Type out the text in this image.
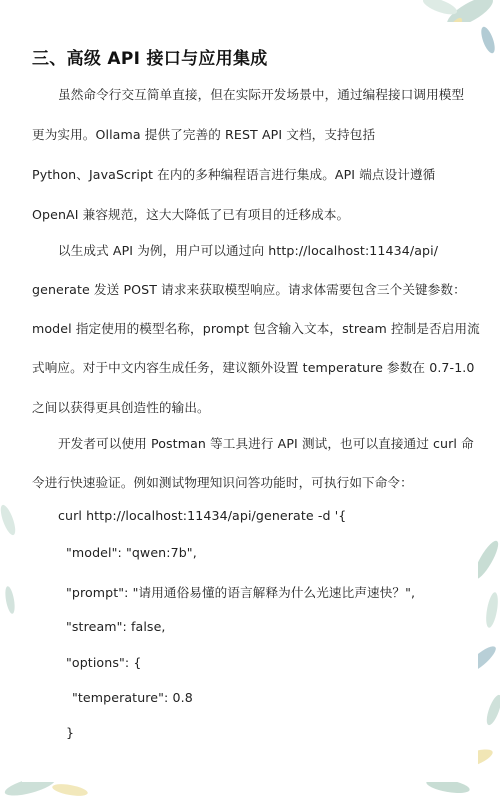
三、高级 API 接口与应用集成
虽然命令行交互简单直接，但在实际开发场景中，通过编程接口调用模型
更为实用。Ollama 提供了完善的 REST API 文档，支持包括
Python、JavaScript 在内的多种编程语言进行集成。API 端点设计遵循
OpenAI 兼容规范，这大大降低了已有项目的迁移成本。
以生成式 API 为例，用户可以通过向 http://localhost:11434/api/
generate 发送 POST 请求来获取模型响应。请求体需要包含三个关键参数：
model 指定使用的模型名称，prompt 包含输入文本，stream 控制是否启用流
式响应。对于中文内容生成任务，建议额外设置 temperature 参数在 0.7-1.0
之间以获得更具创造性的输出。
开发者可以使用 Postman 等工具进行 API 测试，也可以直接通过 curl 命
令进行快速验证。例如测试物理知识问答功能时，可执行如下命令：
curl http://localhost:11434/api/generate -d '{
"model": "qwen:7b",
"prompt": "请用通俗易懂的语言解释为什么光速比声速快？",
"stream": false,
"options": {
"temperature": 0.8
}
